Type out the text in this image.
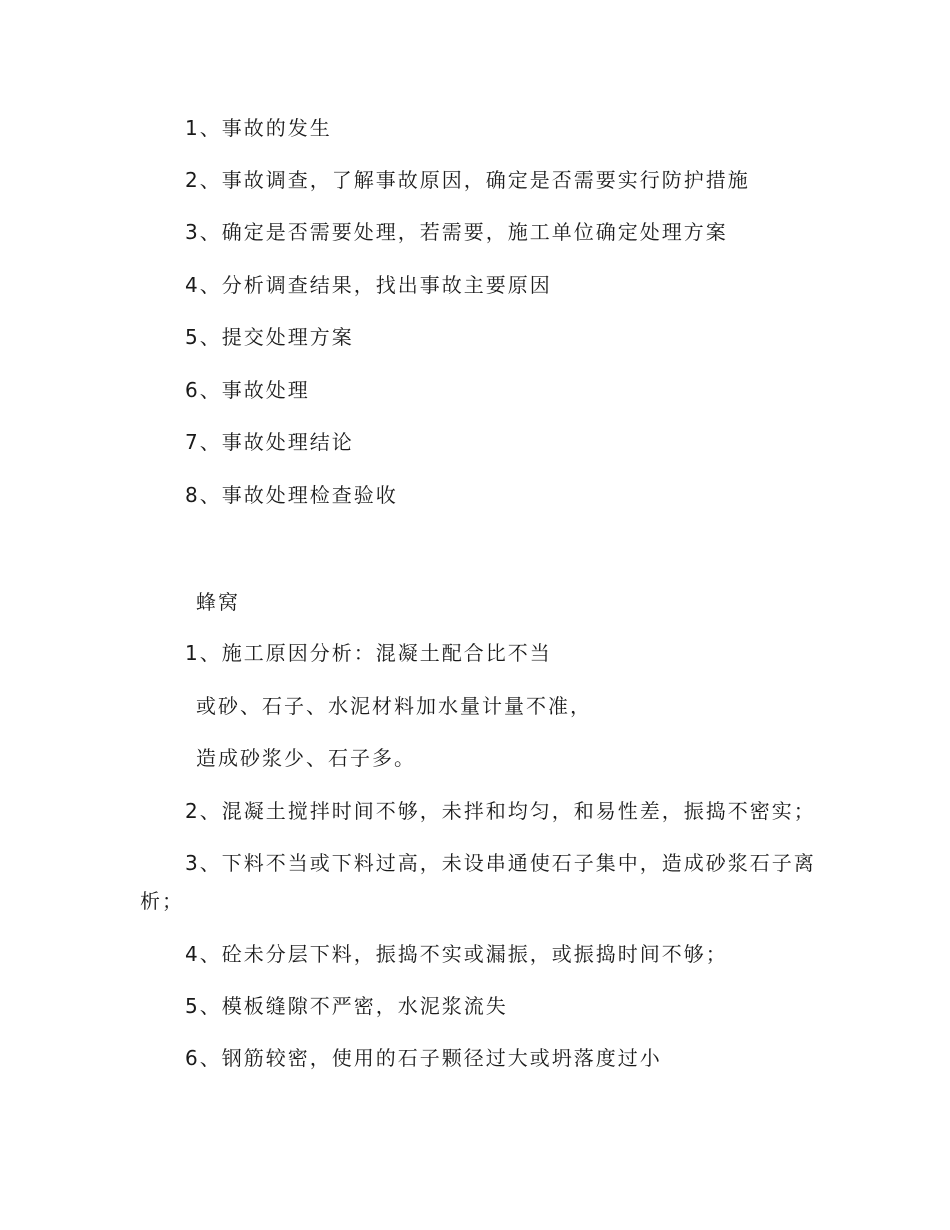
1、事故的发生
2、事故调查，了解事故原因，确定是否需要实行防护措施
3、确定是否需要处理，若需要，施工单位确定处理方案
4、分析调查结果，找出事故主要原因
5、提交处理方案
6、事故处理
7、事故处理结论
8、事故处理检查验收
蜂窝
1、施工原因分析：混凝土配合比不当
或砂、石子、水泥材料加水量计量不准，
造成砂浆少、石子多。
2、混凝土搅拌时间不够，未拌和均匀，和易性差，振捣不密实；
3、下料不当或下料过高，未设串通使石子集中，造成砂浆石子离
析；
4、砼未分层下料，振捣不实或漏振，或振捣时间不够；
5、模板缝隙不严密，水泥浆流失
6、钢筋较密，使用的石子颗径过大或坍落度过小
